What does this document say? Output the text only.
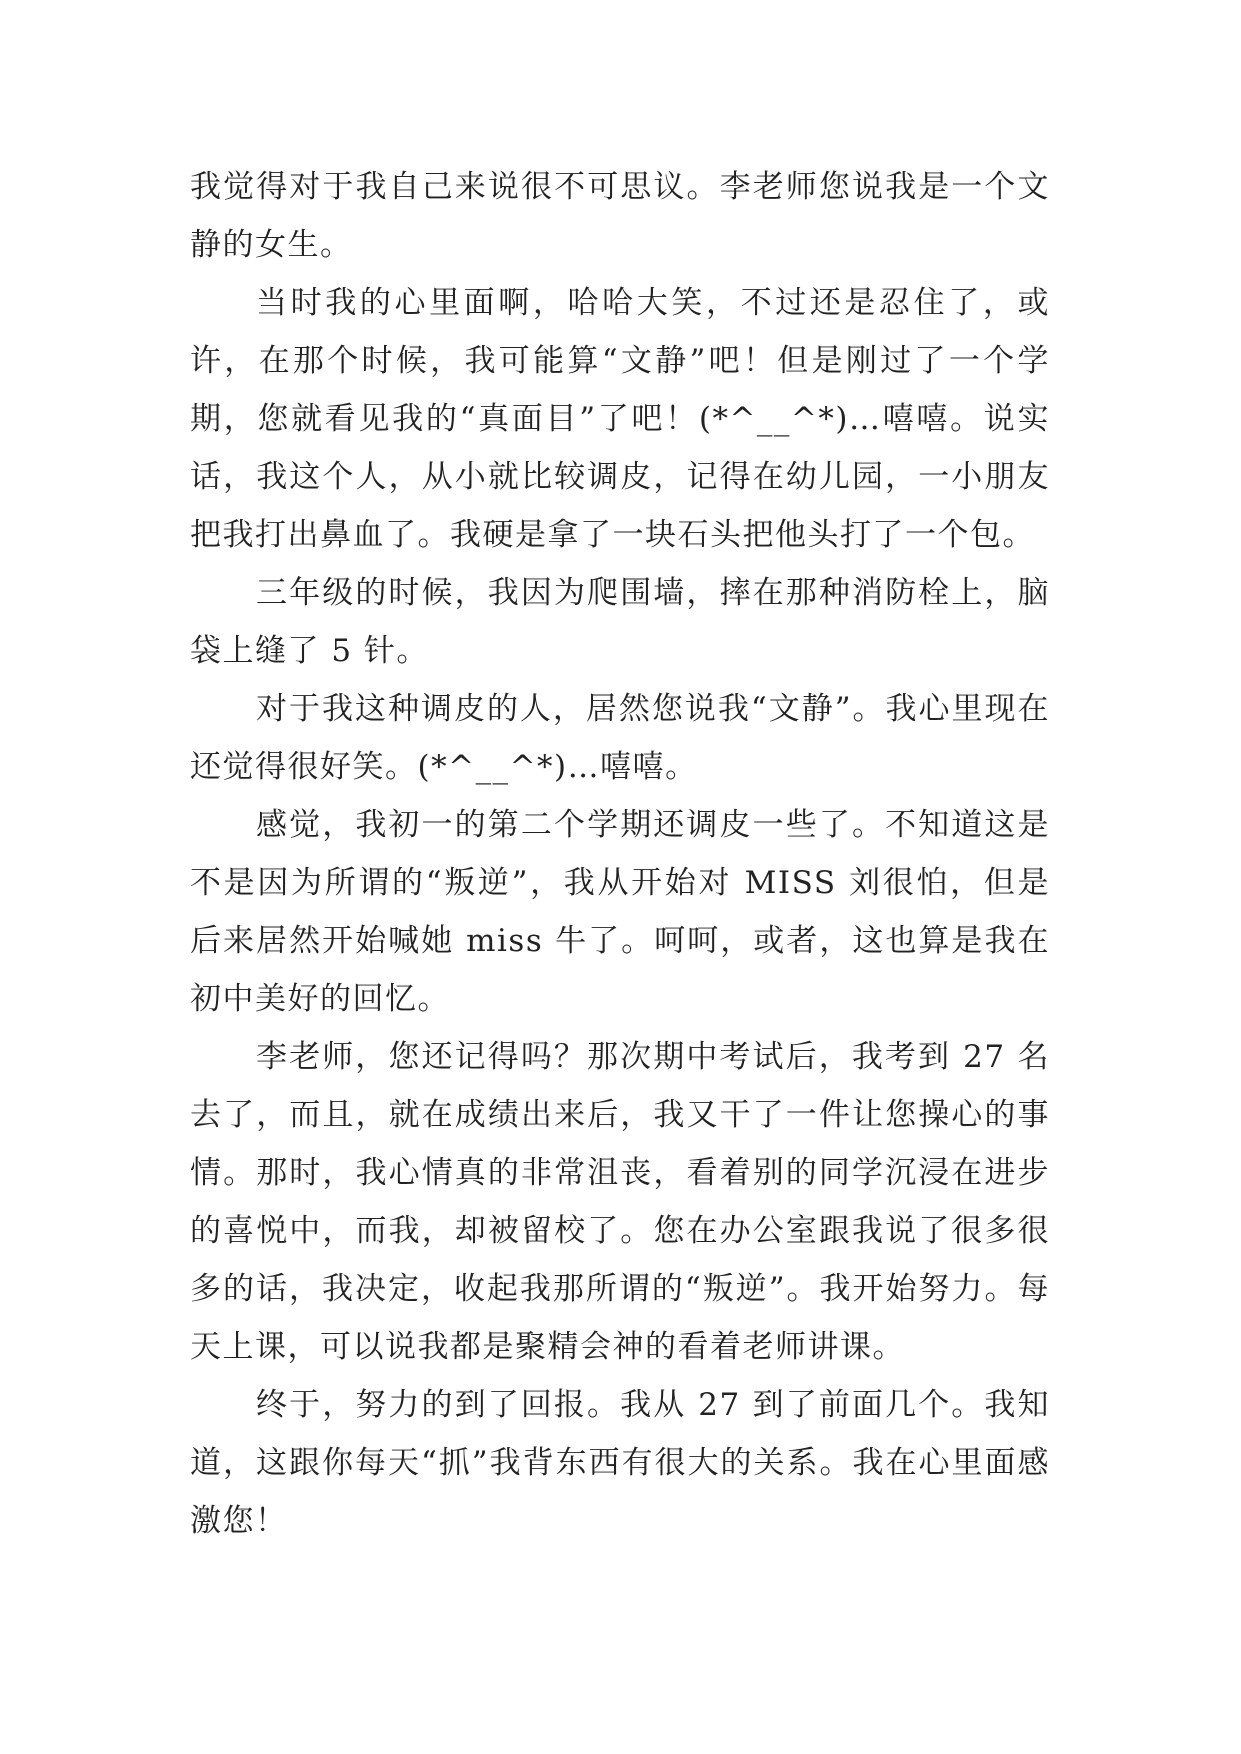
我觉得对于我自己来说很不可思议。李老师您说我是一个文静的女生。

当时我的心里面啊，哈哈大笑，不过还是忍住了，或许，在那个时候，我可能算“文静”吧！但是刚过了一个学期，您就看见我的“真面目”了吧！(*^__^*)…嘻嘻。说实话，我这个人，从小就比较调皮，记得在幼儿园，一小朋友把我打出鼻血了。我硬是拿了一块石头把他头打了一个包。

三年级的时候，我因为爬围墙，摔在那种消防栓上，脑袋上缝了 5 针。

对于我这种调皮的人，居然您说我“文静”。我心里现在还觉得很好笑。(*^__^*)…嘻嘻。

感觉，我初一的第二个学期还调皮一些了。不知道这是不是因为所谓的“叛逆”，我从开始对 MISS 刘很怕，但是后来居然开始喊她 miss 牛了。呵呵，或者，这也算是我在初中美好的回忆。

李老师，您还记得吗？那次期中考试后，我考到 27 名去了，而且，就在成绩出来后，我又干了一件让您操心的事情。那时，我心情真的非常沮丧，看着别的同学沉浸在进步的喜悦中，而我，却被留校了。您在办公室跟我说了很多很多的话，我决定，收起我那所谓的“叛逆”。我开始努力。每天上课，可以说我都是聚精会神的看着老师讲课。

终于，努力的到了回报。我从 27 到了前面几个。我知道，这跟你每天“抓”我背东西有很大的关系。我在心里面感激您！
